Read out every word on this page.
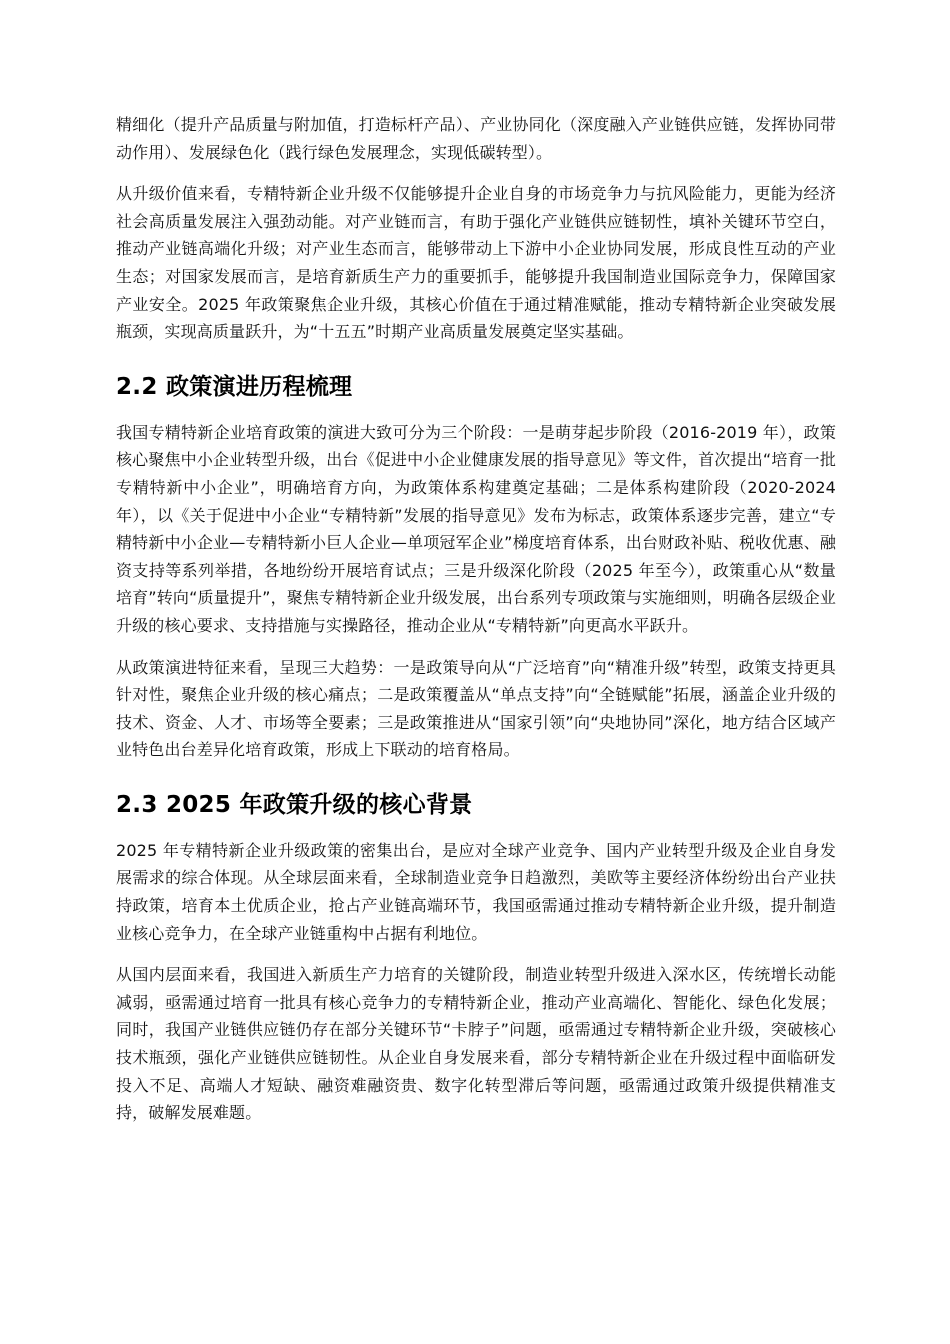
精细化（提升产品质量与附加值，打造标杆产品）、产业协同化（深度融入产业链供应链，发挥协同带动作用）、发展绿色化（践行绿色发展理念，实现低碳转型）。

从升级价值来看，专精特新企业升级不仅能够提升企业自身的市场竞争力与抗风险能力，更能为经济社会高质量发展注入强劲动能。对产业链而言，有助于强化产业链供应链韧性，填补关键环节空白，推动产业链高端化升级；对产业生态而言，能够带动上下游中小企业协同发展，形成良性互动的产业生态；对国家发展而言，是培育新质生产力的重要抓手，能够提升我国制造业国际竞争力，保障国家产业安全。2025 年政策聚焦企业升级，其核心价值在于通过精准赋能，推动专精特新企业突破发展瓶颈，实现高质量跃升，为“十五五”时期产业高质量发展奠定坚实基础。

2.2 政策演进历程梳理

我国专精特新企业培育政策的演进大致可分为三个阶段：一是萌芽起步阶段（2016-2019 年），政策核心聚焦中小企业转型升级，出台《促进中小企业健康发展的指导意见》等文件，首次提出“培育一批专精特新中小企业”，明确培育方向，为政策体系构建奠定基础；二是体系构建阶段（2020-2024 年），以《关于促进中小企业“专精特新”发展的指导意见》发布为标志，政策体系逐步完善，建立“专精特新中小企业—专精特新小巨人企业—单项冠军企业”梯度培育体系，出台财政补贴、税收优惠、融资支持等系列举措，各地纷纷开展培育试点；三是升级深化阶段（2025 年至今），政策重心从“数量培育”转向“质量提升”，聚焦专精特新企业升级发展，出台系列专项政策与实施细则，明确各层级企业升级的核心要求、支持措施与实操路径，推动企业从“专精特新”向更高水平跃升。

从政策演进特征来看，呈现三大趋势：一是政策导向从“广泛培育”向“精准升级”转型，政策支持更具针对性，聚焦企业升级的核心痛点；二是政策覆盖从“单点支持”向“全链赋能”拓展，涵盖企业升级的技术、资金、人才、市场等全要素；三是政策推进从“国家引领”向“央地协同”深化，地方结合区域产业特色出台差异化培育政策，形成上下联动的培育格局。

2.3 2025 年政策升级的核心背景

2025 年专精特新企业升级政策的密集出台，是应对全球产业竞争、国内产业转型升级及企业自身发展需求的综合体现。从全球层面来看，全球制造业竞争日趋激烈，美欧等主要经济体纷纷出台产业扶持政策，培育本土优质企业，抢占产业链高端环节，我国亟需通过推动专精特新企业升级，提升制造业核心竞争力，在全球产业链重构中占据有利地位。

从国内层面来看，我国进入新质生产力培育的关键阶段，制造业转型升级进入深水区，传统增长动能减弱，亟需通过培育一批具有核心竞争力的专精特新企业，推动产业高端化、智能化、绿色化发展；同时，我国产业链供应链仍存在部分关键环节“卡脖子”问题，亟需通过专精特新企业升级，突破核心技术瓶颈，强化产业链供应链韧性。从企业自身发展来看，部分专精特新企业在升级过程中面临研发投入不足、高端人才短缺、融资难融资贵、数字化转型滞后等问题，亟需通过政策升级提供精准支持，破解发展难题。
